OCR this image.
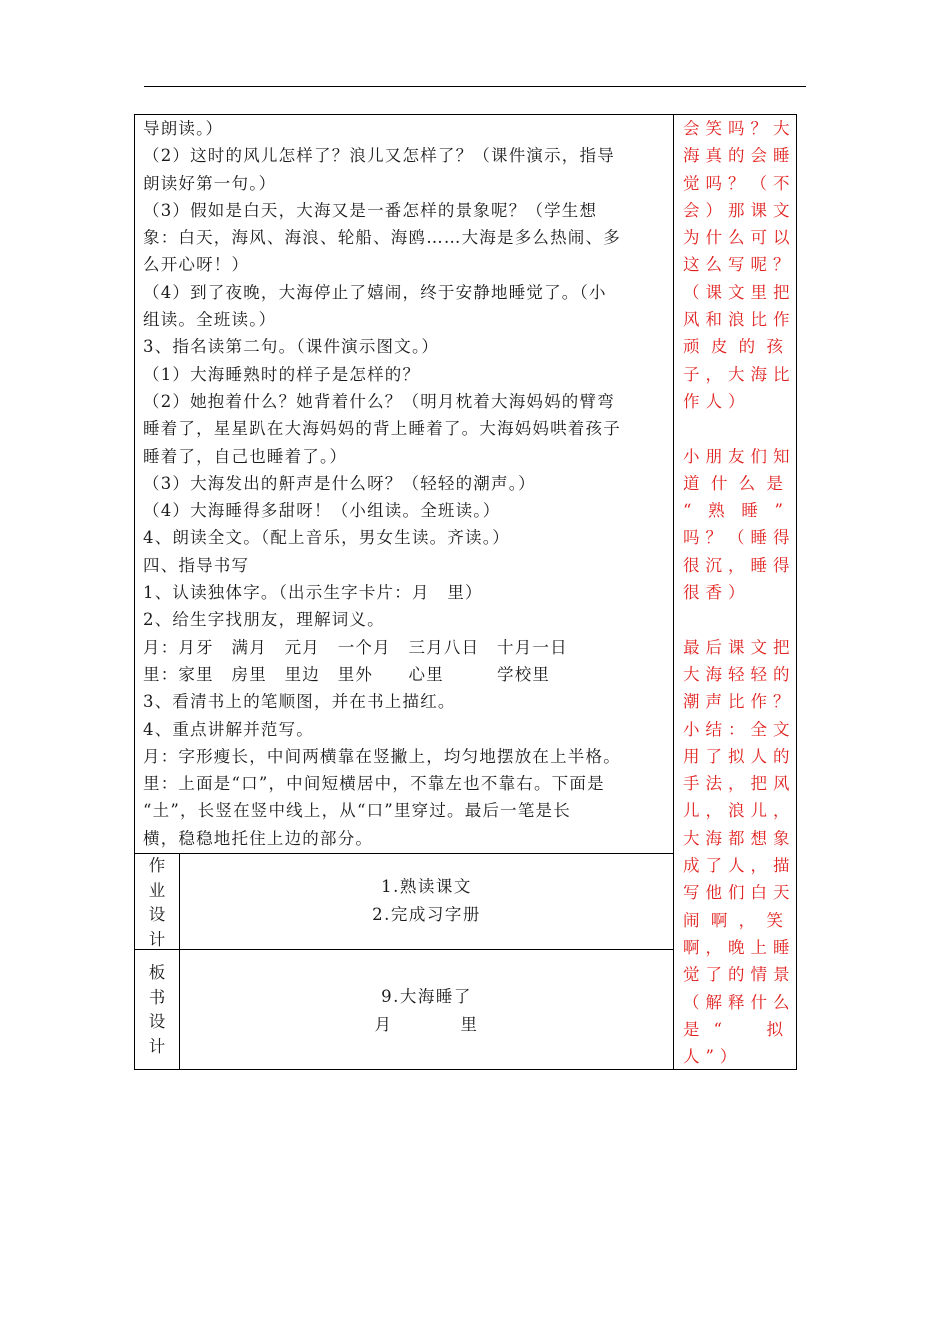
导朗读。）
（2）这时的风儿怎样了？浪儿又怎样了？（课件演示，指导
朗读好第一句。）
（3）假如是白天，大海又是一番怎样的景象呢？（学生想
象：白天，海风、海浪、轮船、海鸥……大海是多么热闹、多
么开心呀！）
（4）到了夜晚，大海停止了嬉闹，终于安静地睡觉了。（小
组读。全班读。）
3、指名读第二句。（课件演示图文。）
（1）大海睡熟时的样子是怎样的？
（2）她抱着什么？她背着什么？（明月枕着大海妈妈的臂弯
睡着了，星星趴在大海妈妈的背上睡着了。大海妈妈哄着孩子
睡着了，自己也睡着了。）
（3）大海发出的鼾声是什么呀？（轻轻的潮声。）
（4）大海睡得多甜呀！（小组读。全班读。）
4、朗读全文。（配上音乐，男女生读。齐读。）
四、指导书写
1、认读独体字。（出示生字卡片：月　里）
2、给生字找朋友，理解词义。
月：月牙　满月　元月　一个月　三月八日　十月一日
里：家里　房里　里边　里外　　心里　　　学校里
3、看清书上的笔顺图，并在书上描红。
4、重点讲解并范写。
月：字形瘦长，中间两横靠在竖撇上，均匀地摆放在上半格。
里：上面是“口”，中间短横居中，不靠左也不靠右。下面是
“土”，长竖在竖中线上，从“口”里穿过。最后一笔是长
横，稳稳地托住上边的部分。
会笑吗？大
海真的会睡
觉吗？（不
会）那课文
为什么可以
这么写呢？
（课文里把
风和浪比作
顽皮的孩
子，大海比
作人）
小朋友们知
道什么是
“熟睡”
吗？（睡得
很沉，睡得
很香）
最后课文把
大海轻轻的
潮声比作？
小结：全文
用了拟人的
手法，把风
儿，浪儿，
大海都想象
成了人，描
写他们白天
闹啊，笑
啊，晚上睡
觉了的情景
（解释什么
是“　拟
人”）
作
业
设
计
1.熟读课文
2.完成习字册
板
书
设
计
9.大海睡了
月	里
